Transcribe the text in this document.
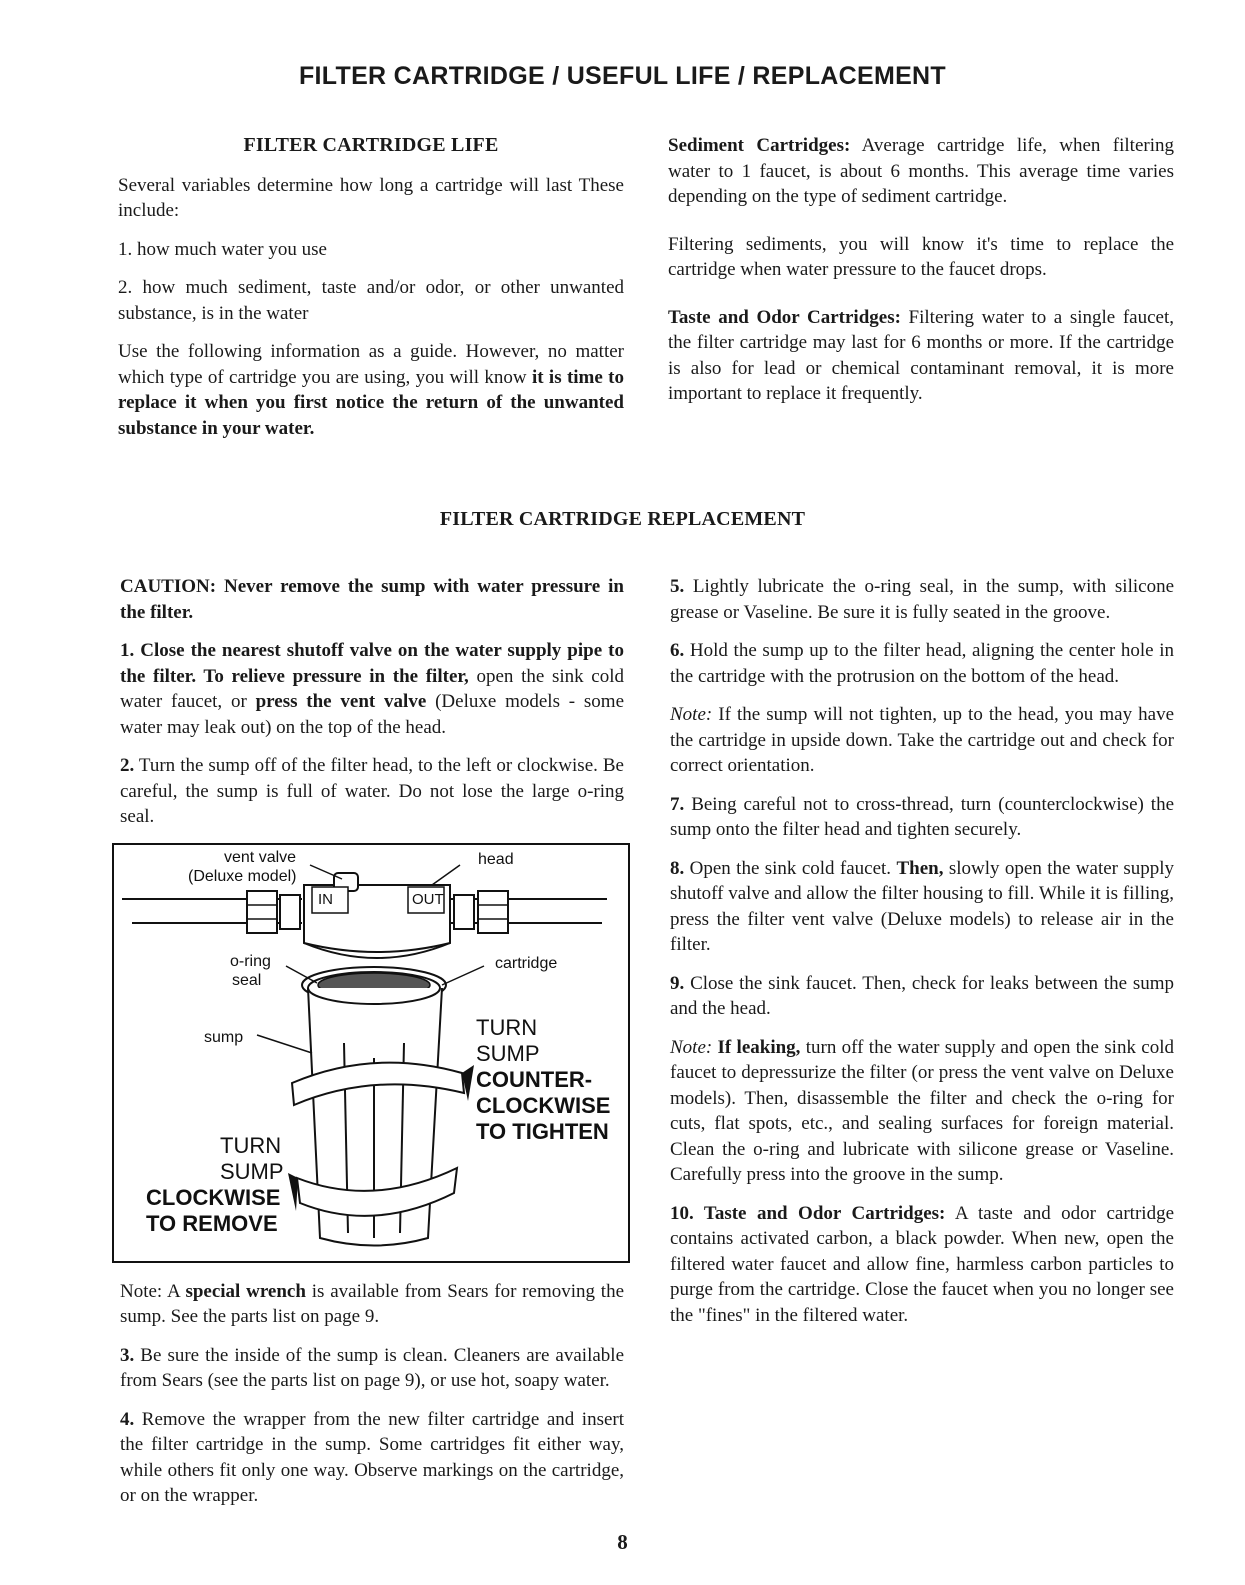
FILTER CARTRIDGE / USEFUL LIFE / REPLACEMENT
FILTER CARTRIDGE LIFE

Several variables determine how long a cartridge will last These include:

1. how much water you use

2. how much sediment, taste and/or odor, or other unwanted substance, is in the water

Use the following information as a guide. However, no matter which type of cartridge you are using, you will know it is time to replace it when you first notice the return of the unwanted substance in your water.

Sediment Cartridges: Average cartridge life, when filtering water to 1 faucet, is about 6 months. This average time varies depending on the type of sediment cartridge.

Filtering sediments, you will know it's time to replace the cartridge when water pressure to the faucet drops.

Taste and Odor Cartridges: Filtering water to a single faucet, the filter cartridge may last for 6 months or more. If the cartridge is also for lead or chemical contaminant removal, it is more important to replace it frequently.

FILTER CARTRIDGE REPLACEMENT

CAUTION: Never remove the sump with water pressure in the filter.

1. Close the nearest shutoff valve on the water supply pipe to the filter. To relieve pressure in the filter, open the sink cold water faucet, or press the vent valve (Deluxe models - some water may leak out) on the top of the head.

2. Turn the sump off of the filter head, to the left or clockwise. Be careful, the sump is full of water. Do not lose the large o-ring seal.

vent valve
(Deluxe model)
head
IN	OUT
o-ring
seal
cartridge
sump	TURN
SUMP
COUNTER-
CLOCKWISE
TO TIGHTEN
TURN
SUMP
CLOCKWISE
TO REMOVE

Note: A special wrench is available from Sears for removing the sump. See the parts list on page 9.

3. Be sure the inside of the sump is clean. Cleaners are available from Sears (see the parts list on page 9), or use hot, soapy water.

4. Remove the wrapper from the new filter cartridge and insert the filter cartridge in the sump. Some cartridges fit either way, while others fit only one way. Observe markings on the cartridge, or on the wrapper.

5. Lightly lubricate the o-ring seal, in the sump, with silicone grease or Vaseline. Be sure it is fully seated in the groove.

6. Hold the sump up to the filter head, aligning the center hole in the cartridge with the protrusion on the bottom of the head.

Note: If the sump will not tighten, up to the head, you may have the cartridge in upside down. Take the cartridge out and check for correct orientation.

7. Being careful not to cross-thread, turn (counterclockwise) the sump onto the filter head and tighten securely.

8. Open the sink cold faucet. Then, slowly open the water supply shutoff valve and allow the filter housing to fill. While it is filling, press the filter vent valve (Deluxe models) to release air in the filter.

9. Close the sink faucet. Then, check for leaks between the sump and the head.

Note: If leaking, turn off the water supply and open the sink cold faucet to depressurize the filter (or press the vent valve on Deluxe models). Then, disassemble the filter and check the o-ring for cuts, flat spots, etc., and sealing surfaces for foreign material. Clean the o-ring and lubricate with silicone grease or Vaseline. Carefully press into the groove in the sump.

10. Taste and Odor Cartridges: A taste and odor cartridge contains activated carbon, a black powder. When new, open the filtered water faucet and allow fine, harmless carbon particles to purge from the cartridge. Close the faucet when you no longer see the "fines" in the filtered water.

8
